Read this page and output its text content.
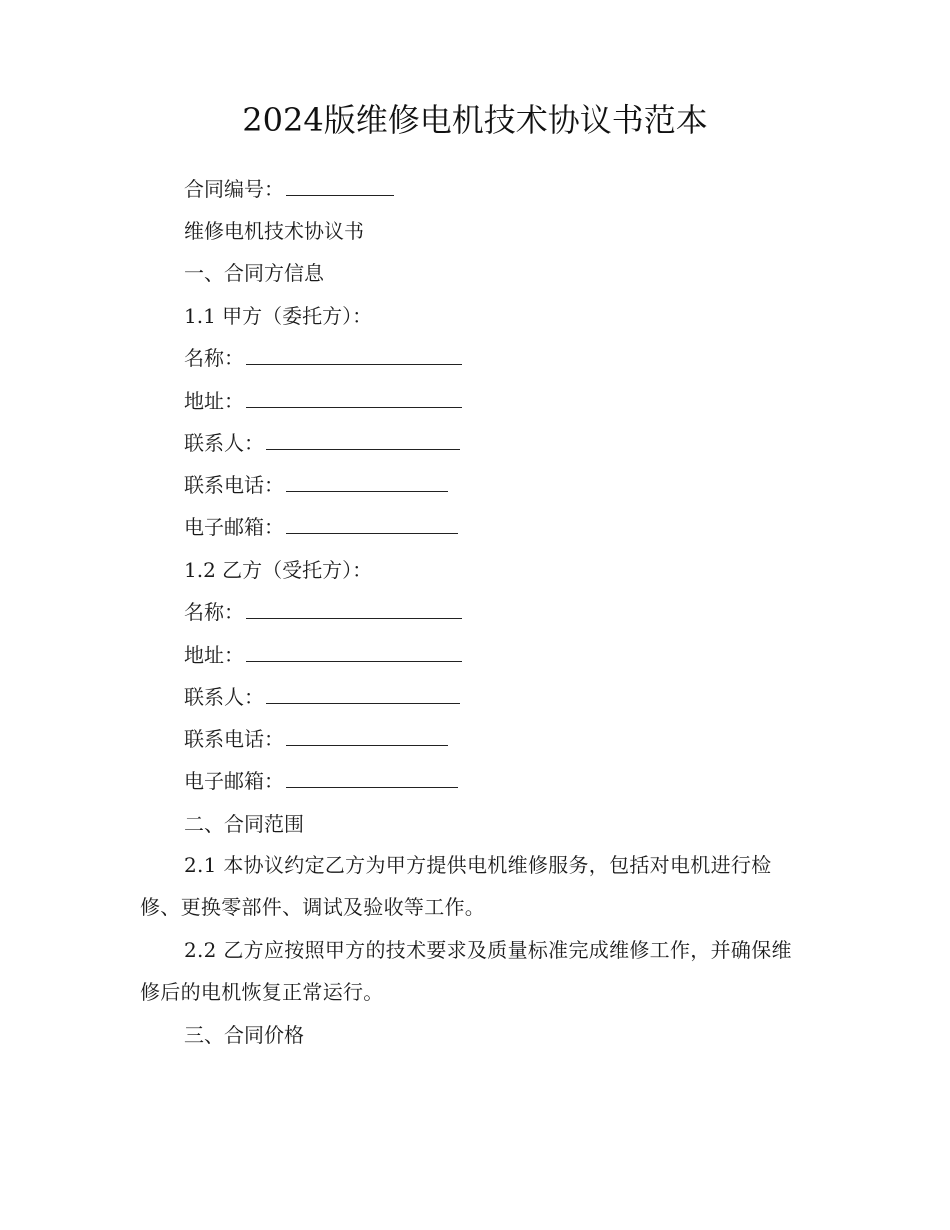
2024版维修电机技术协议书范本
合同编号：
维修电机技术协议书
一、合同方信息
1.1 甲方（委托方）：
名称：
地址：
联系人：
联系电话：
电子邮箱：
1.2 乙方（受托方）：
名称：
地址：
联系人：
联系电话：
电子邮箱：
二、合同范围
2.1 本协议约定乙方为甲方提供电机维修服务，包括对电机进行检修、更换零部件、调试及验收等工作。
2.2 乙方应按照甲方的技术要求及质量标准完成维修工作，并确保维修后的电机恢复正常运行。
三、合同价格
